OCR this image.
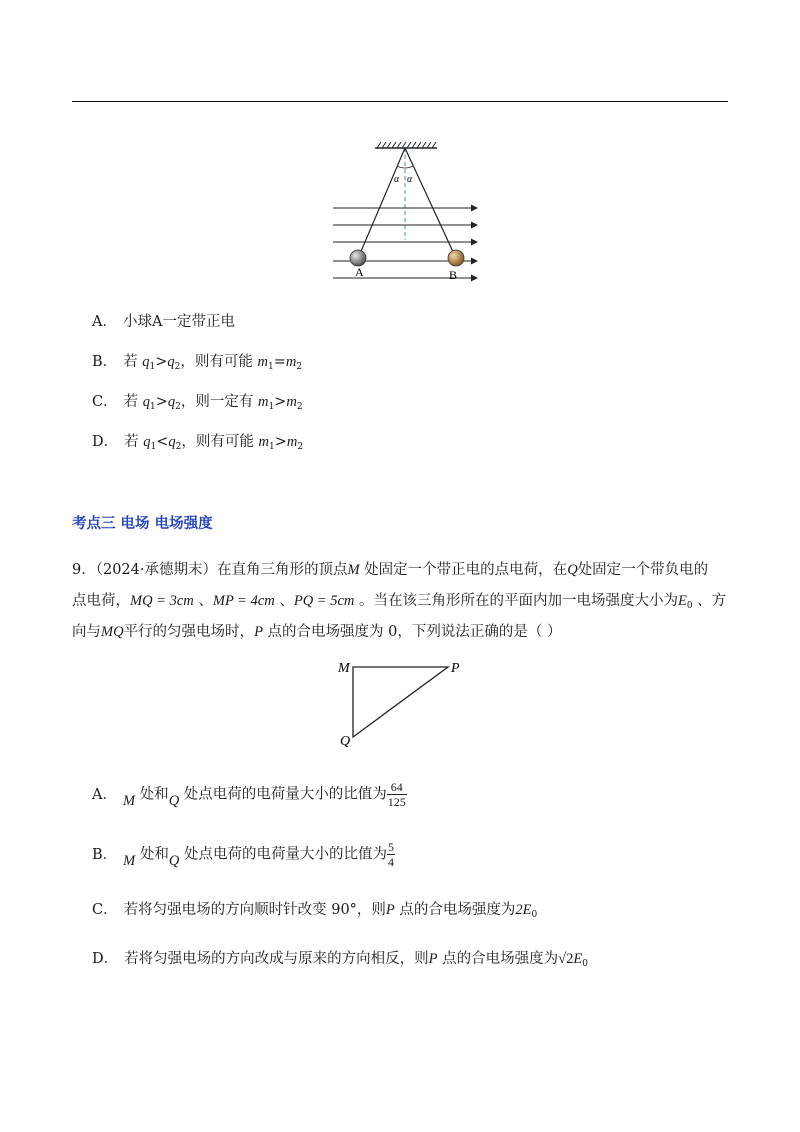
α α
A	B
A． 小球A一定带正电
B． 若 $q_1>q_2$，则有可能 $m_1=m_2$
C． 若 $q_1>q_2$，则一定有 $m_1>m_2$
D． 若 $q_1<q_2$，则有可能 $m_1>m_2$
考点三 电场 电场强度
9．（2024·承德期末）在直角三角形的顶点M 处固定一个带正电的点电荷，在Q处固定一个带负电的
点电荷，MQ = 3cm 、MP = 4cm 、PQ = 5cm 。当在该三角形所在的平面内加一电场强度大小为$E_0$ 、方
向与MQ平行的匀强电场时，P 点的合电场强度为 0，下列说法正确的是（ ）
M	P
Q
A． M 处和Q 处点电荷的电荷量大小的比值为 $\frac{64}{125}$
B． M 处和Q 处点电荷的电荷量大小的比值为 $\frac{5}{4}$
C． 若将匀强电场的方向顺时针改变 90°，则P 点的合电场强度为$2E_0$
D． 若将匀强电场的方向改成与原来的方向相反，则P 点的合电场强度为$√2E_0$
